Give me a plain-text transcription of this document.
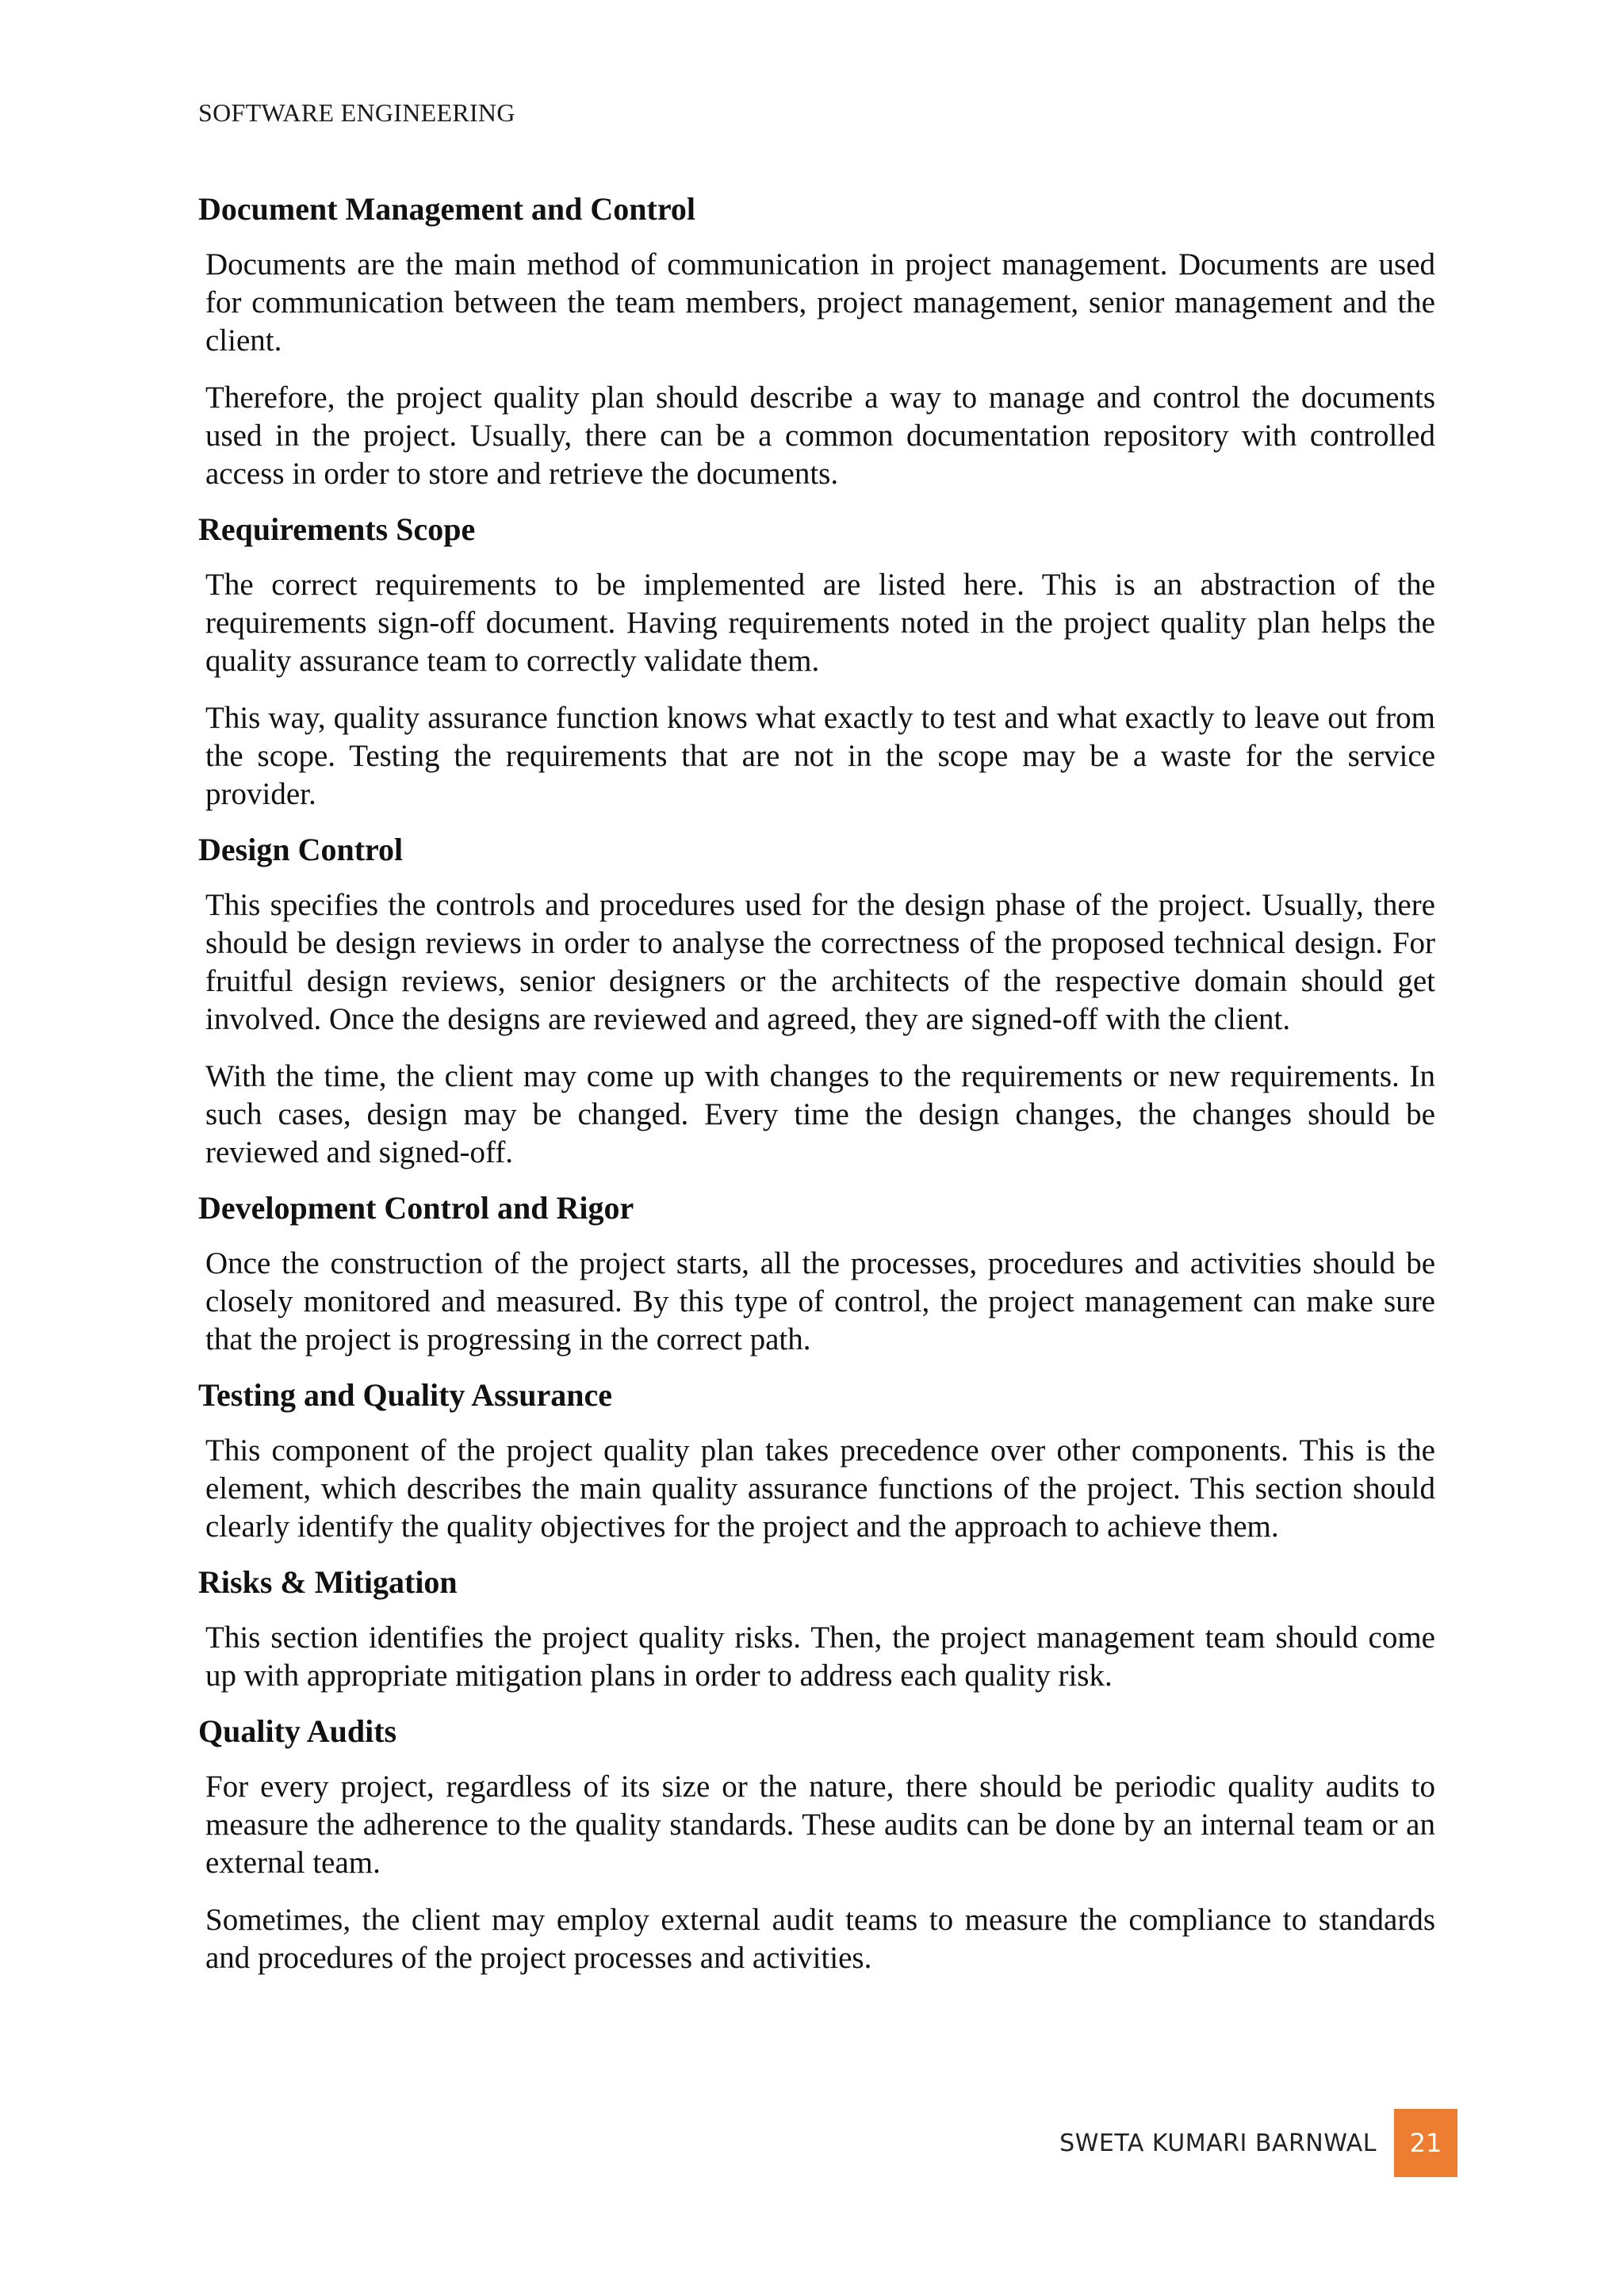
SOFTWARE ENGINEERING
Document Management and Control

Documents are the main method of communication in project management. Documents are used for communication between the team members, project management, senior management and the client.

Therefore, the project quality plan should describe a way to manage and control the documents used in the project. Usually, there can be a common documentation repository with controlled access in order to store and retrieve the documents.

Requirements Scope

The correct requirements to be implemented are listed here. This is an abstraction of the requirements sign-off document. Having requirements noted in the project quality plan helps the quality assurance team to correctly validate them.

This way, quality assurance function knows what exactly to test and what exactly to leave out from the scope. Testing the requirements that are not in the scope may be a waste for the service provider.

Design Control

This specifies the controls and procedures used for the design phase of the project. Usually, there should be design reviews in order to analyse the correctness of the proposed technical design. For fruitful design reviews, senior designers or the architects of the respective domain should get involved. Once the designs are reviewed and agreed, they are signed-off with the client.

With the time, the client may come up with changes to the requirements or new requirements. In such cases, design may be changed. Every time the design changes, the changes should be reviewed and signed-off.

Development Control and Rigor

Once the construction of the project starts, all the processes, procedures and activities should be closely monitored and measured. By this type of control, the project management can make sure that the project is progressing in the correct path.

Testing and Quality Assurance

This component of the project quality plan takes precedence over other components. This is the element, which describes the main quality assurance functions of the project. This section should clearly identify the quality objectives for the project and the approach to achieve them.

Risks & Mitigation

This section identifies the project quality risks. Then, the project management team should come up with appropriate mitigation plans in order to address each quality risk.

Quality Audits

For every project, regardless of its size or the nature, there should be periodic quality audits to measure the adherence to the quality standards. These audits can be done by an internal team or an external team.

Sometimes, the client may employ external audit teams to measure the compliance to standards and procedures of the project processes and activities.

SWETA KUMARI BARNWAL	21
